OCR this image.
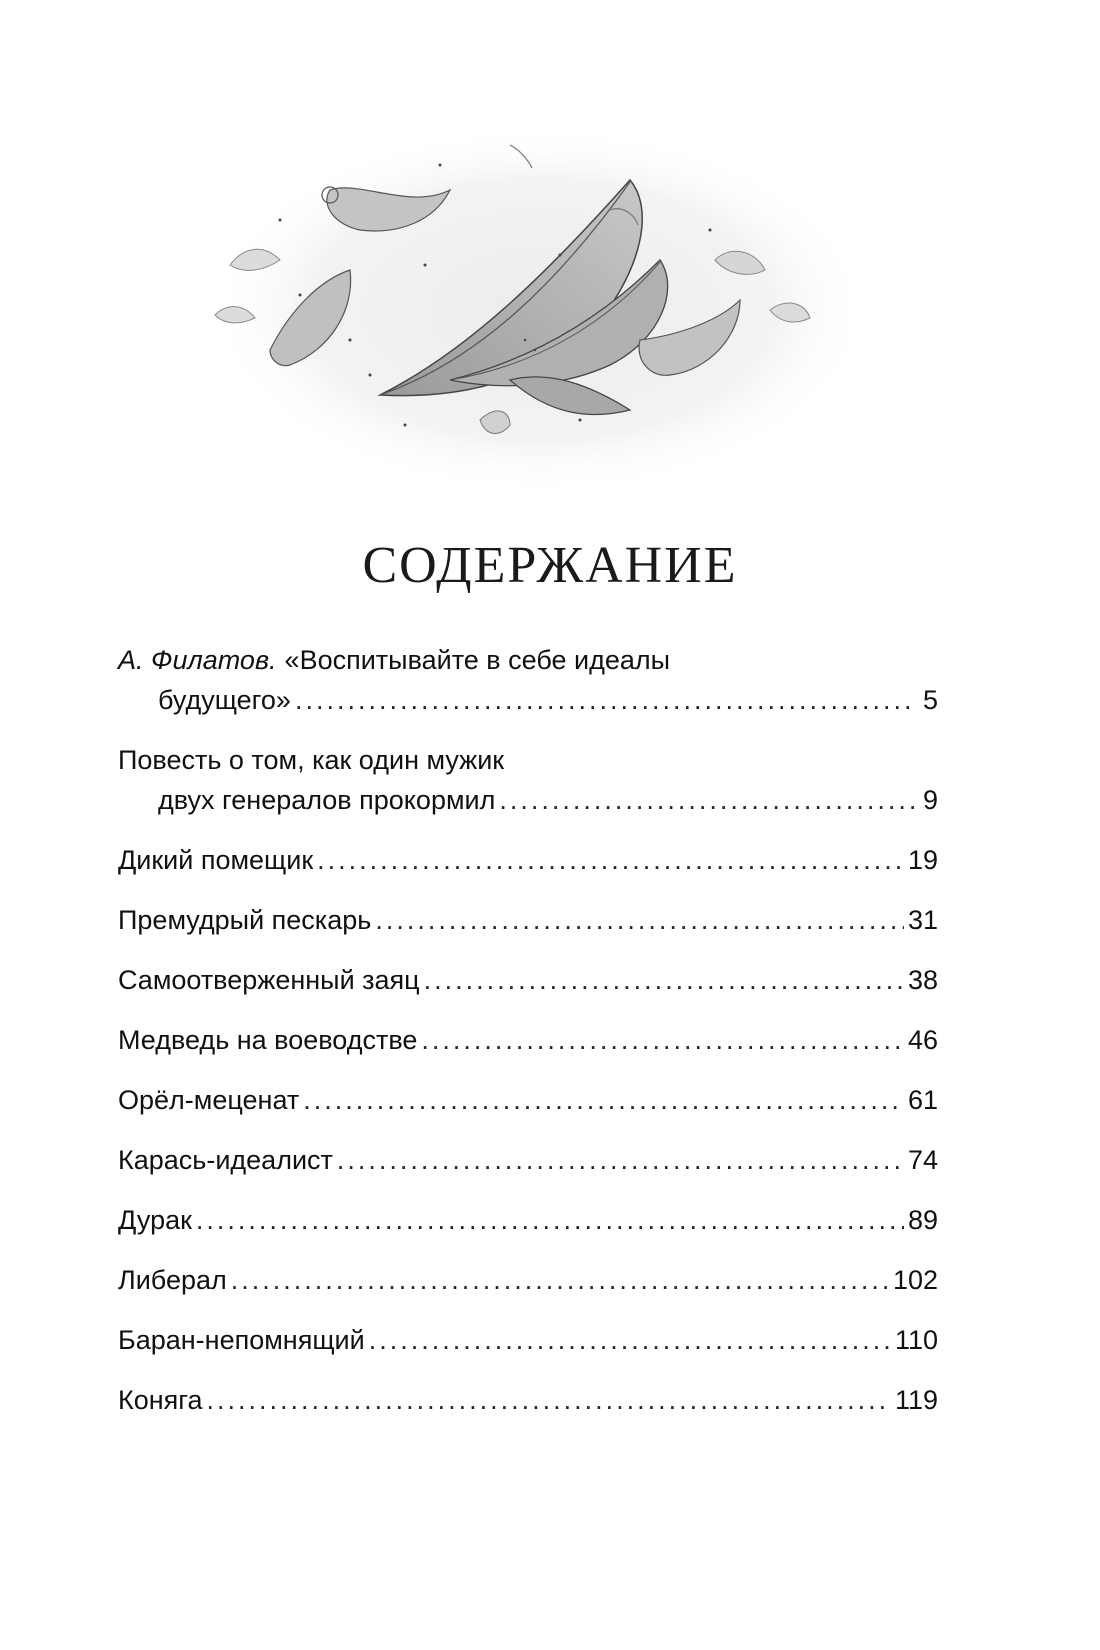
СОДЕРЖАНИЕ
А. Филатов. «Воспитывайте в себе идеалы
будущего» .....	5
Повесть о том, как один мужик
двух генералов прокормил .....	9
Дикий помещик .....	19
Премудрый пескарь .....	31
Самоотверженный заяц .....	38
Медведь на воеводстве .....	46
Орёл-меценат .....	61
Карась-идеалист .....	74
Дурак .....	89
Либерал .....	102
Баран-непомнящий .....	110
Коняга .....	119
